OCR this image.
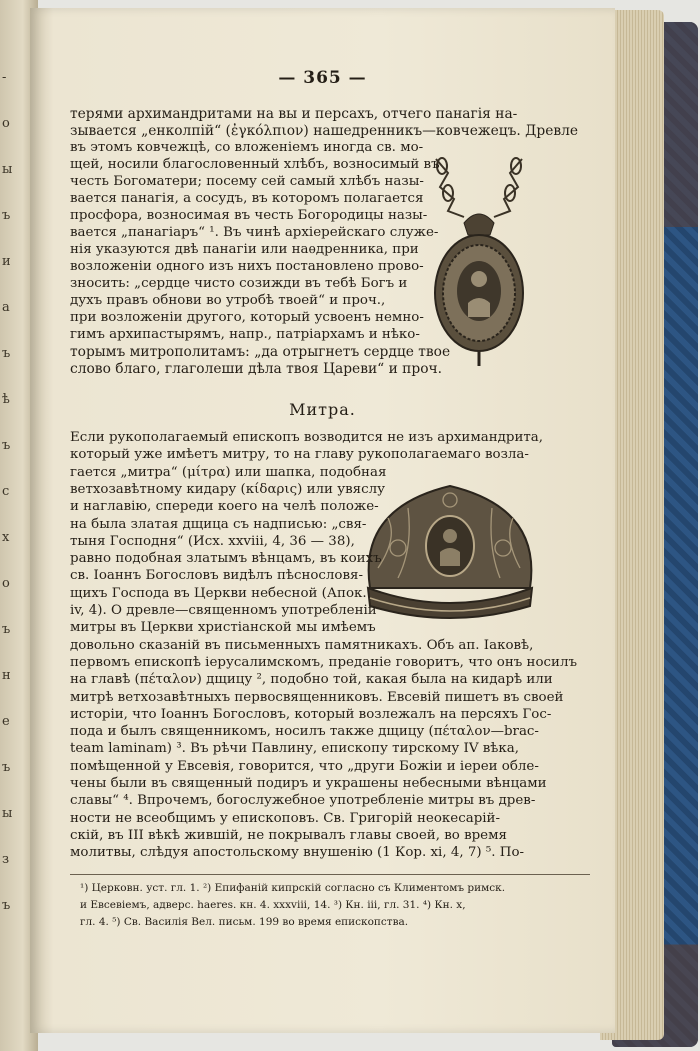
-
о
ы
ъ
и
а
ъ
ѣ
ъ
с
х
о
ъ
н
е
ъ
ы
з
ъ
— 365 —
Митра.
терями архимандритами на вы и персахъ, отчего панагія на-
зывается „енколпій“ (ἐγκόλπιον) нашедренникъ—ковчежецъ. Древле
въ этомъ ковчежцѣ, со вложеніемъ иногда св. мо-
щей, носили благословенный хлѣбъ, возносимый въ
честь Богоматери; посему сей самый хлѣбъ назы-
вается панагія, а сосудъ, въ которомъ полагается
просфора, возносимая въ честь Богородицы назы-
вается „панагіаръ“ ¹. Въ чинѣ архіерейскаго служе-
нія указуются двѣ панагіи или наѳдренника, при
возложеніи одного изъ нихъ постановлено прово-
зносить: „сердце чисто созижди въ тебѣ Богъ и
духъ правъ обнови во утробѣ твоей“ и проч.,
при возложеніи другого, который усвоенъ немно-
гимъ архипастырямъ, напр., патріархамъ и нѣко-
торымъ митрополитамъ: „да отрыгнетъ сердце твое
слово благо, глаголеши дѣла твоя Цареви“ и проч.
Если рукополагаемый епископъ возводится не изъ архимандрита,
который уже имѣетъ митру, то на главу рукополагаемаго возла-
гается „митра“ (μίτρα) или шапка, подобная
ветхозавѣтному кидару (κίδαρις) или увяслу
и наглавію, спереди коего на челѣ положе-
на была златая дщица съ надписью: „свя-
тыня Господня“ (Исх. xxviii, 4, 36 — 38),
равно подобная златымъ вѣнцамъ, въ коихъ
св. Іоаннъ Богословъ видѣлъ пѣснословя-
щихъ Господа въ Церкви небесной (Апок.
iv, 4). О древле—священномъ употребленіи
митры въ Церкви христіанской мы имѣемъ
довольно сказаній въ письменныхъ памятникахъ. Объ ап. Іаковѣ,
первомъ епископѣ іерусалимскомъ, преданіе говоритъ, что онъ носилъ
на главѣ (πέταλον) дщицу ², подобно той, какая была на кидарѣ или
митрѣ ветхозавѣтныхъ первосвященниковъ. Евсевій пишетъ въ своей
исторіи, что Іоаннъ Богословъ, который возлежалъ на персяхъ Гос-
пода и былъ священникомъ, носилъ также дщицу (πέταλον—brac-
team laminam) ³. Въ рѣчи Павлину, епископу тирскому IV вѣка,
помѣщенной у Евсевія, говорится, что „други Божіи и іереи обле-
чены были въ священный подиръ и украшены небесными вѣнцами
славы“ ⁴. Впрочемъ, богослужебное употребленіе митры въ древ-
ности не всеобщимъ у епископовъ. Св. Григорій неокесарій-
скій, въ III вѣкѣ жившій, не покрывалъ главы своей, во время
молитвы, слѣдуя апостольскому внушенію (1 Кор. xi, 4, 7) ⁵. По-
¹) Церковн. уст. гл. 1. ²) Епифаній кипрскій согласно съ Климентомъ римск.
и Евсевіемъ, адверс. haeres. кн. 4. xxxviii, 14. ³) Кн. iii, гл. 31. ⁴) Кн. x,
гл. 4. ⁵) Св. Василія Вел. письм. 199 во время епископства.
